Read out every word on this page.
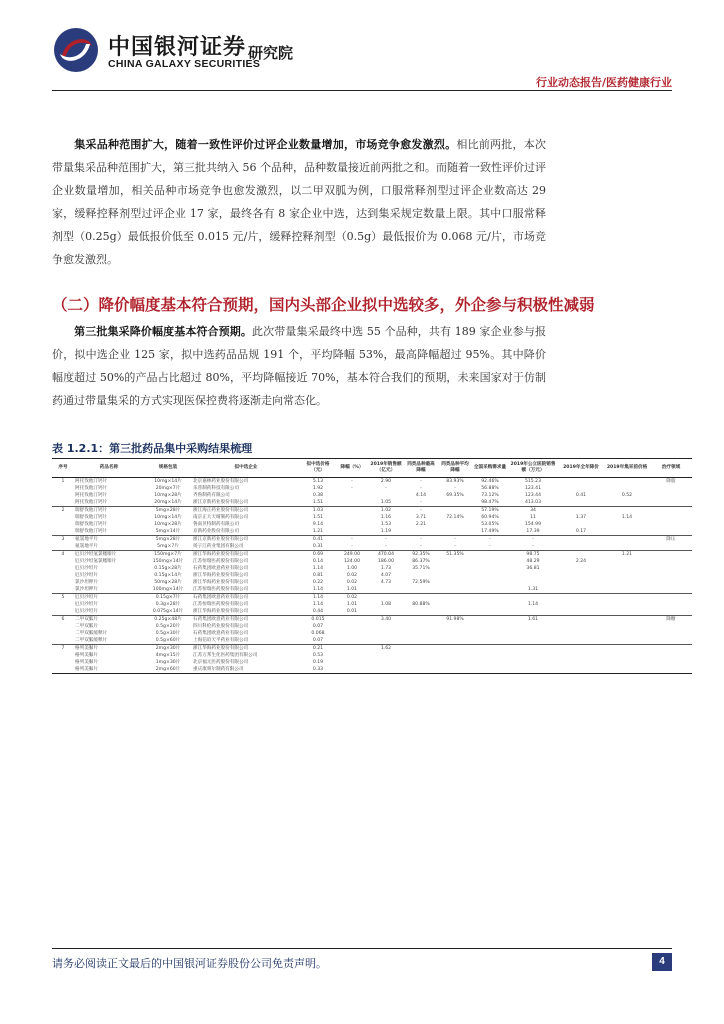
中国银河证券
CHINA GALAXY SECURITIES
研究院
行业动态报告/医药健康行业
集采品种范围扩大，随着一致性评价过评企业数量增加，市场竞争愈发激烈。相比前两批，本次带量集采品种范围扩大，第三批共纳入 56 个品种，品种数量接近前两批之和。而随着一致性评价过评企业数量增加，相关品种市场竞争也愈发激烈，以二甲双胍为例，口服常释剂型过评企业数高达 29 家，缓释控释剂型过评企业 17 家，最终各有 8 家企业中选，达到集采规定数量上限。其中口服常释剂型（0.25g）最低报价低至 0.015 元/片，缓释控释剂型（0.5g）最低报价为 0.068 元/片，市场竞争愈发激烈。
（二）降价幅度基本符合预期，国内头部企业拟中选较多，外企参与积极性减弱
第三批集采降价幅度基本符合预期。此次带量集采最终中选 55 个品种，共有 189 家企业参与报价，拟中选企业 125 家，拟中选药品品规 191 个，平均降幅 53%，最高降幅超过 95%。其中降价幅度超过 50%的产品占比超过 80%，平均降幅接近 70%，基本符合我们的预期，未来国家对于仿制药通过带量集采的方式实现医保控费将逐渐走向常态化。
表 1.2.1：第三批药品集中采购结果梳理
序号	药品名称	规格包装	拟中选企业	拟中选价格（元）	降幅（%）	2019年销售额（亿元）	同类品种最高降幅	同类品种平均降幅	全国采购需求量	2019年公立医院销售额（万元）	2019年全年降价	2019年集采前价格	治疗领域
1	阿托伐他汀钙片	10mg×14片	北京嘉林药业股份有限公司	5.13	-	2.90	-	83.93%	92.46%	515.23			降脂
	阿托伐他汀钙片	20mg×7片	乐普制药科技有限公司	1.92	-	-	-	-	56.88%	123.41			
	阿托伐他汀钙片	10mg×28片	齐鲁制药有限公司	0.38			4.14	69.35%	73.12%	123.44	0.41	0.52	
	阿托伐他汀钙片	20mg×14片	浙江京新药业股份有限公司	1.51		1.05	-		98.47%	413.03			
2	瑞舒伐他汀钙片	5mg×28片	浙江海正药业股份有限公司	1.03		1.02	-		57.19%	34			
	瑞舒伐他汀钙片	10mg×14片	南京正大天晴制药有限公司	1.51		1.16	3.71	72.14%	60.94%	11	1.37	1.14	
	瑞舒伐他汀钙片	10mg×28片	鲁南贝特制药有限公司	9.14		1.53	2.21		53.05%	154.99			
	瑞舒伐他汀钙片	5mg×14片	京新药业股份有限公司	1.21		1.19			17.49%	17.39	0.17		
3	氨氯地平片	5mg×28片	浙江京新药业股份有限公司	0.41	-	-	-	-	-	-			降压
	氨氯地平片	5mg×7片	扬子江药业集团有限公司	0.31	-	-	-	-	-	-			
4	厄贝沙坦氢氯噻嗪片	150mg×7片	浙江华海药业股份有限公司	0.69	249.00	470.04	92.35%	51.35%		98.75		1.21	
	厄贝沙坦氢氯噻嗪片	150mg×14片	江苏恒瑞医药股份有限公司	0.14	124.00	186.00	86.37%			48.29	2.24		
	厄贝沙坦片	0.15g×28片	石药集团欧意药业有限公司	1.14	1.00	1.73	35.71%			36.81			
	厄贝沙坦片	0.15g×14片	浙江华海药业股份有限公司	0.81	0.02	4.07							
	氯沙坦钾片	50mg×28片	浙江华海药业股份有限公司	0.22	0.02	4.73	72.59%						
	氯沙坦钾片	100mg×14片	江苏恒瑞医药股份有限公司	1.14	1.01					1.31			
5	厄贝沙坦片	0.15g×7片	石药集团欧意药业有限公司	1.14	0.02								
	厄贝沙坦片	0.3g×28片	江苏恒瑞医药股份有限公司	1.14	1.01	1.08	80.88%			1.14			
	厄贝沙坦片	0.075g×14片	浙江华海药业股份有限公司	0.44	0.01								
6	二甲双胍片	0.25g×48片	石药集团欧意药业有限公司	0.015		3.40		91.98%		1.61			降糖
	二甲双胍片	0.5g×20片	四川科伦药业股份有限公司	0.07									
	二甲双胍缓释片	0.5g×30片	石药集团欧意药业有限公司	0.068									
	二甲双胍缓释片	0.5g×60片	上海信谊天平药业有限公司	0.07									
7	格列美脲片	2mg×30片	浙江华海药业股份有限公司	0.21		1.62							
	格列美脲片	4mg×15片	江苏万邦生化医药集团有限公司	0.53									
	格列美脲片	1mg×30片	北京福元医药股份有限公司	0.19									
	格列美脲片	2mg×60片	重庆康刻尔制药有限公司	0.33									
请务必阅读正文最后的中国银河证券股份公司免责声明。	4
